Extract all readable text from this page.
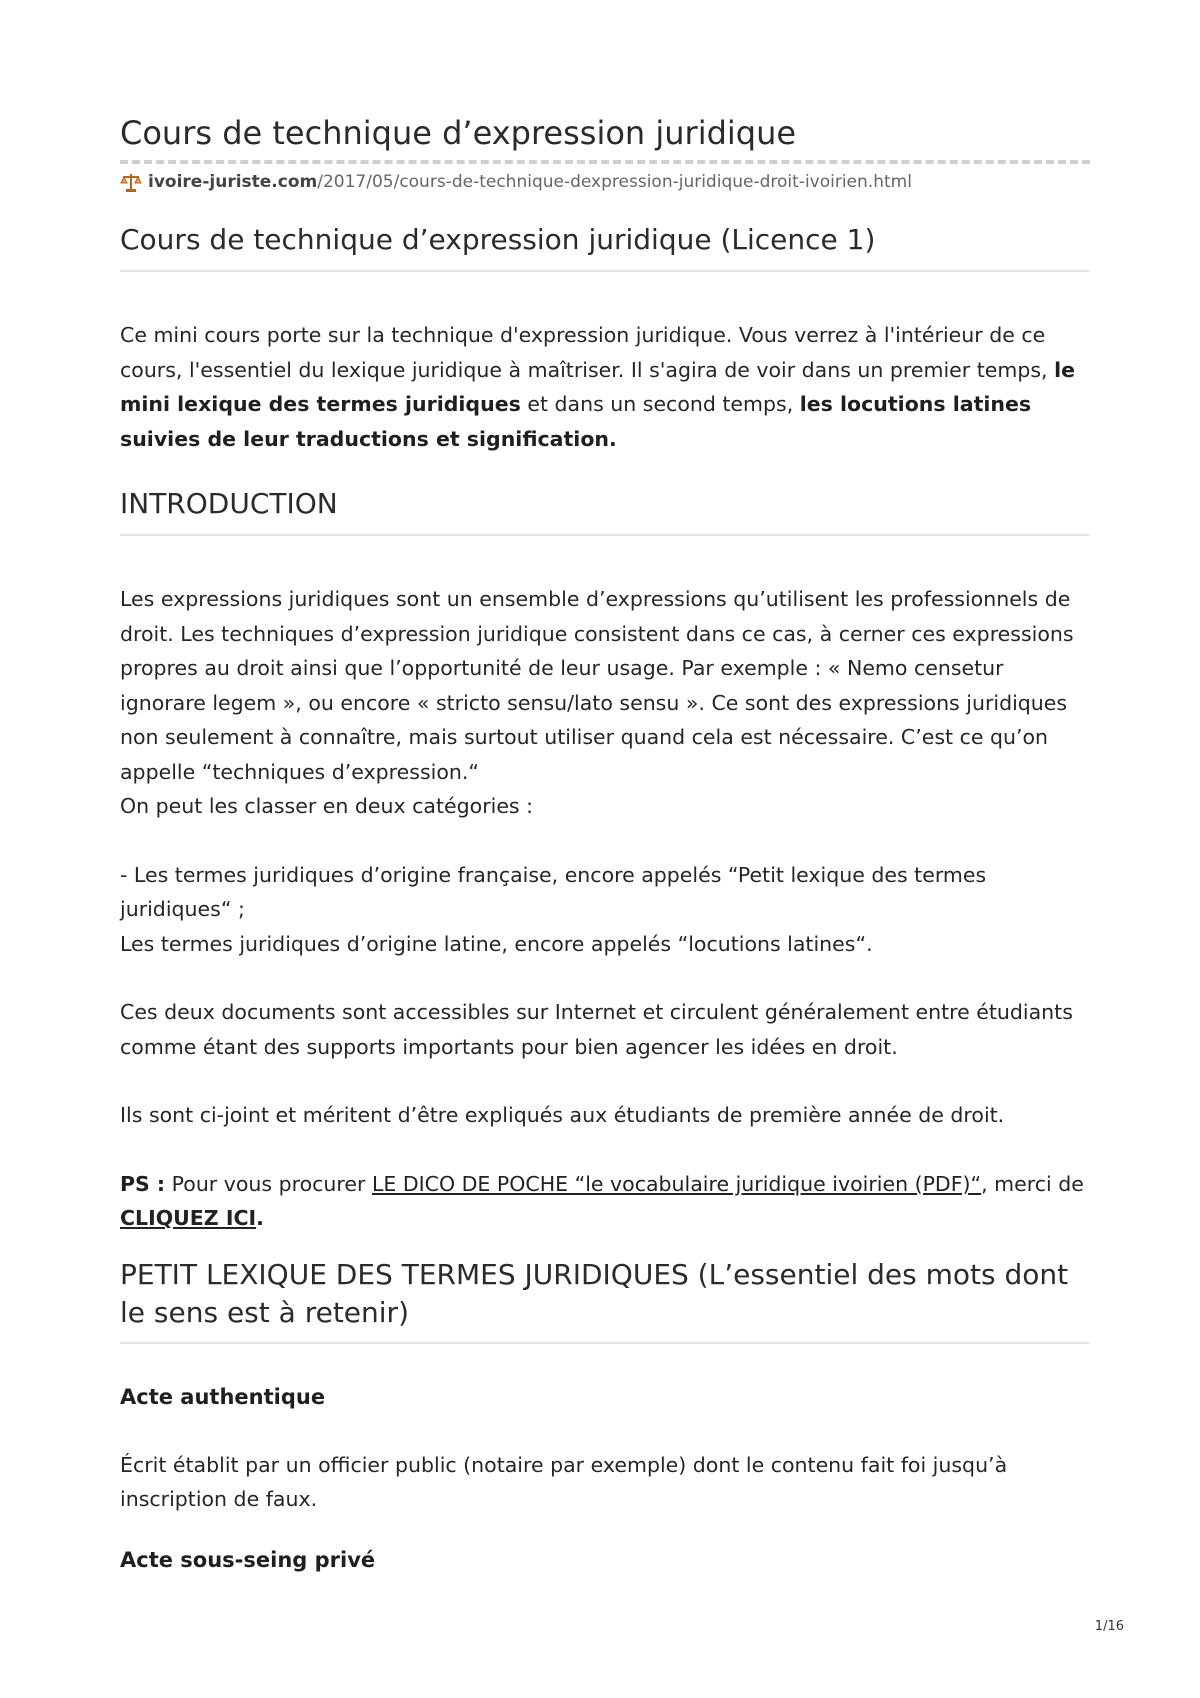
Cours de technique d’expression juridique
ivoire-juriste.com /2017/05/cours-de-technique-dexpression-juridique-droit-ivoirien.html
Cours de technique d’expression juridique (Licence 1)

Ce mini cours porte sur la technique d'expression juridique. Vous verrez à l'intérieur de ce cours, l'essentiel du lexique juridique à maîtriser. Il s'agira de voir dans un premier temps, le mini lexique des termes juridiques et dans un second temps, les locutions latines suivies de leur traductions et signification.

INTRODUCTION

Les expressions juridiques sont un ensemble d’expressions qu’utilisent les professionnels de droit. Les techniques d’expression juridique consistent dans ce cas, à cerner ces expressions propres au droit ainsi que l’opportunité de leur usage. Par exemple : « Nemo censetur ignorare legem », ou encore « stricto sensu/lato sensu ». Ce sont des expressions juridiques non seulement à connaître, mais surtout utiliser quand cela est nécessaire. C’est ce qu’on appelle “techniques d’expression.“
On peut les classer en deux catégories :

- Les termes juridiques d’origine française, encore appelés “Petit lexique des termes juridiques“ ;
Les termes juridiques d’origine latine, encore appelés “locutions latines“.

Ces deux documents sont accessibles sur Internet et circulent généralement entre étudiants comme étant des supports importants pour bien agencer les idées en droit.

Ils sont ci-joint et méritent d’être expliqués aux étudiants de première année de droit.

PS : Pour vous procurer LE DICO DE POCHE “le vocabulaire juridique ivoirien (PDF)“, merci de CLIQUEZ ICI.

PETIT LEXIQUE DES TERMES JURIDIQUES (L’essentiel des mots dont le sens est à retenir)
Acte authentique

Écrit établit par un officier public (notaire par exemple) dont le contenu fait foi jusqu’à inscription de faux.

Acte sous-seing privé
1/16
